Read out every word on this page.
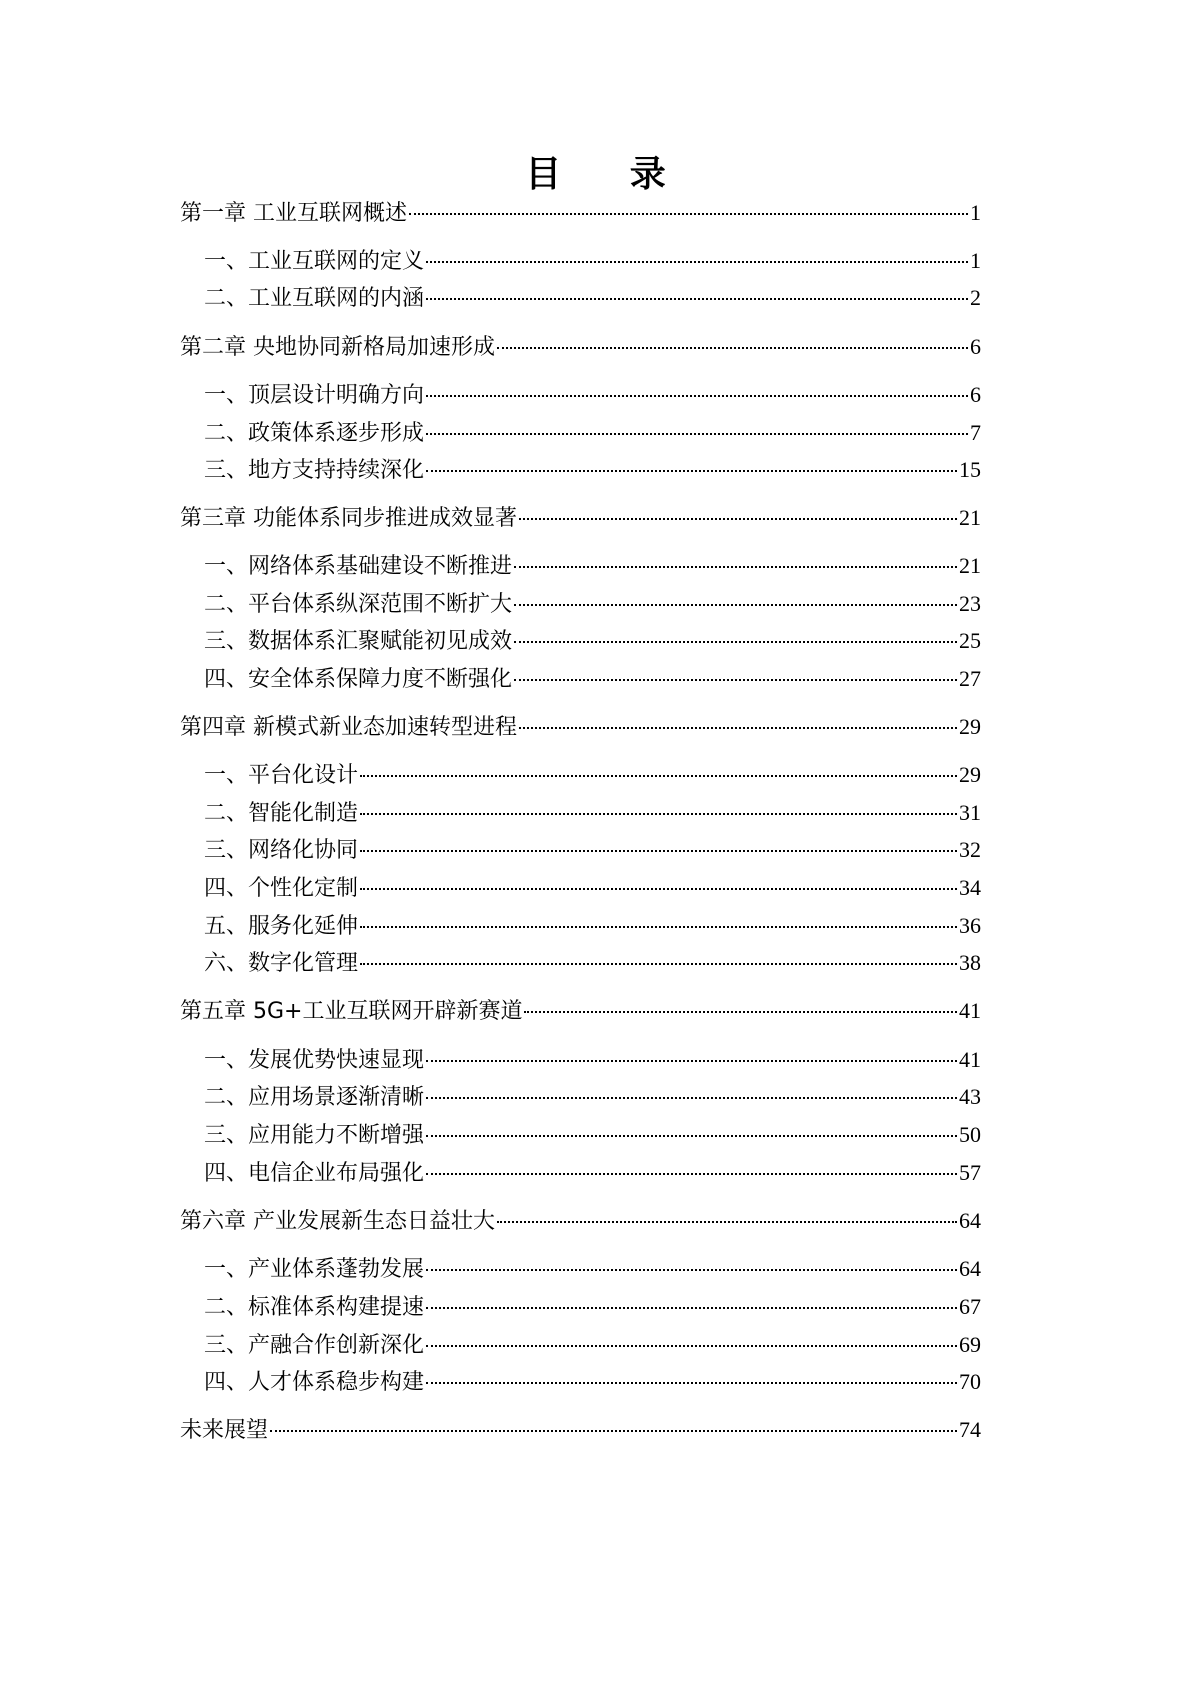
目 录
第一章 工业互联网概述	1
一、工业互联网的定义	1
二、工业互联网的内涵	2
第二章 央地协同新格局加速形成	6
一、顶层设计明确方向	6
二、政策体系逐步形成	7
三、地方支持持续深化	15
第三章 功能体系同步推进成效显著	21
一、网络体系基础建设不断推进	21
二、平台体系纵深范围不断扩大	23
三、数据体系汇聚赋能初见成效	25
四、安全体系保障力度不断强化	27
第四章 新模式新业态加速转型进程	29
一、平台化设计	29
二、智能化制造	31
三、网络化协同	32
四、个性化定制	34
五、服务化延伸	36
六、数字化管理	38
第五章 5G+工业互联网开辟新赛道	41
一、发展优势快速显现	41
二、应用场景逐渐清晰	43
三、应用能力不断增强	50
四、电信企业布局强化	57
第六章 产业发展新生态日益壮大	64
一、产业体系蓬勃发展	64
二、标准体系构建提速	67
三、产融合作创新深化	69
四、人才体系稳步构建	70
未来展望	74
